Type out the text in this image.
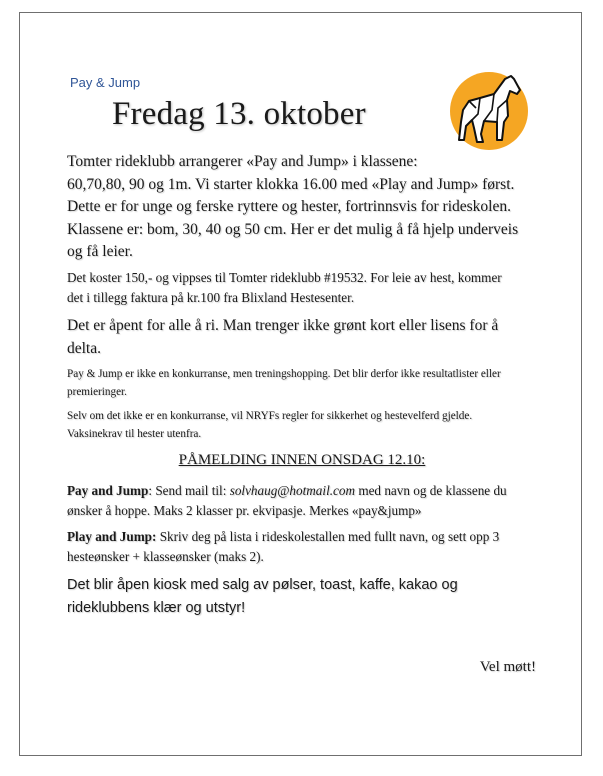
Pay & Jump
Fredag 13. oktober
Tomter rideklubb arrangerer «Pay and Jump» i klassene:
60,70,80, 90 og 1m. Vi starter klokka 16.00 med «Play and Jump» først.
Dette er for unge og ferske ryttere og hester, fortrinnsvis for rideskolen.
Klassene er: bom, 30, 40 og 50 cm. Her er det mulig å få hjelp underveis
og få leier.
Det koster 150,- og vippses til Tomter rideklubb #19532. For leie av hest, kommer
det i tillegg faktura på kr.100 fra Blixland Hestesenter.
Det er åpent for alle å ri. Man trenger ikke grønt kort eller lisens for å
delta.
Pay & Jump er ikke en konkurranse, men treningshopping. Det blir derfor ikke resultatlister eller
premieringer.
Selv om det ikke er en konkurranse, vil NRYFs regler for sikkerhet og hestevelferd gjelde.
Vaksinekrav til hester utenfra.
PÅMELDING INNEN ONSDAG 12.10:
Pay and Jump: Send mail til: solvhaug@hotmail.com med navn og de klassene du
ønsker å hoppe. Maks 2 klasser pr. ekvipasje. Merkes «pay&jump»
Play and Jump: Skriv deg på lista i rideskolestallen med fullt navn, og sett opp 3
hesteønsker + klasseønsker (maks 2).
Det blir åpen kiosk med salg av pølser, toast, kaffe, kakao og
rideklubbens klær og utstyr!
Vel møtt!
